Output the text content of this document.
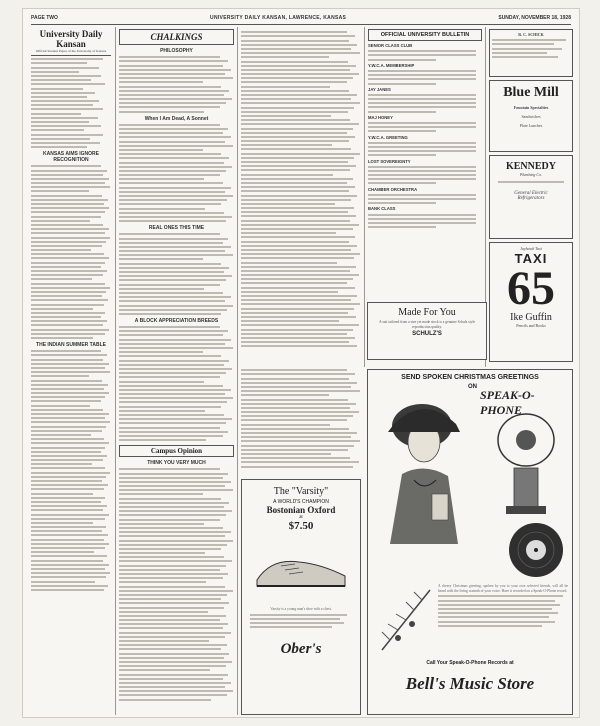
PAGE TWO	UNIVERSITY DAILY KANSAN, LAWRENCE, KANSAS	SUNDAY, NOVEMBER 18, 1928
University Daily Kansan
Official Student Paper of the University of Kansas
KANSAS AIMS IGNORE RECOGNITION
THE INDIAN SUMMER TABLE
CHALKINGS
PHILOSOPHY
When I Am Dead, A Sonnet
REAL ONES THIS TIME
A BLOCK APPRECIATION BREEDS
Campus Opinion
THINK YOU VERY MUCH
OFFICIAL UNIVERSITY BULLETIN
SENIOR CLASS CLUB
Y.W.C.A. MEMBERSHIP
JAY JANES
MAJ HONEY
Y.W.C.A. GREETING
LOST SOVEREIGNTY
CHAMBER ORCHESTRA
BANK CLASS
R. C. SCHICK
Blue Mill
Fountain Specialties
Sandwiches
Plate Lunches
KENNEDY
Plumbing Co.
General Electric
Refrigerators
Jayhawk Taxi
TAXI
65
Ike Guffin
Pencils and Books
Made For You
A suit tailored from a size yet made stock is a genuine Schulz style reproduction quality.
SCHULZ'S
SEND SPOKEN CHRISTMAS GREETINGS
ON
SPEAK-O-PHONE
A cheery Christmas greeting, spoken by you to your own selected friends, will all be heard with the living warmth of your voice. Have it recorded on a Speak-O-Phone record.
Call Your Speak-O-Phone Records at
Bell's Music Store
The "Varsity"
A WORLD'S CHAMPION
Bostonian Oxford
at
$7.50
Varsity is a young man's shoe with a chest.
Ober's
